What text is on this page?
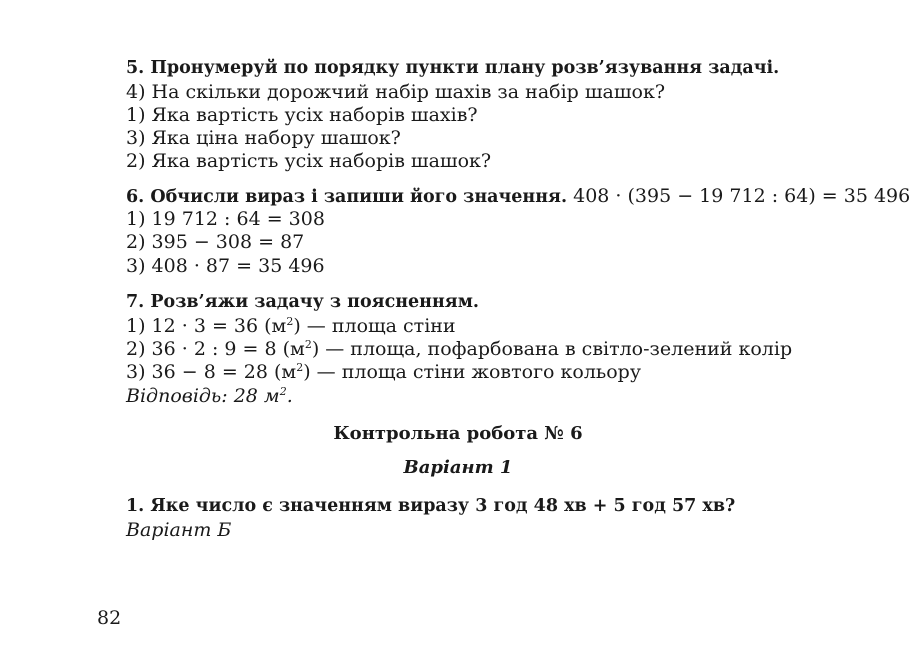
5. Пронумеруй по порядку пункти плану розв’язування задачі.
4) На скільки дорожчий набір шахів за набір шашок?
1) Яка вартість усіх наборів шахів?
3) Яка ціна набору шашок?
2) Яка вартість усіх наборів шашок?
6. Обчисли вираз і запиши його значення. 408 · (395 − 19 712 : 64) = 35 496
1) 19 712 : 64 = 308
2) 395 − 308 = 87
3) 408 · 87 = 35 496
7. Розв’яжи задачу з поясненням.
1) 12 · 3 = 36 $(м^2)$ — площа стіни
2) 36 · 2 : 9 = 8 $(м^2)$ — площа, пофарбована в світло-зелений колір
3) 36 − 8 = 28 $(м^2)$ — площа стіни жовтого кольору
Відповідь: 28 $м^2$.
Контрольна робота № 6
Варіант 1
1. Яке число є значенням виразу 3 год 48 хв + 5 год 57 хв?
Варіант Б
82
